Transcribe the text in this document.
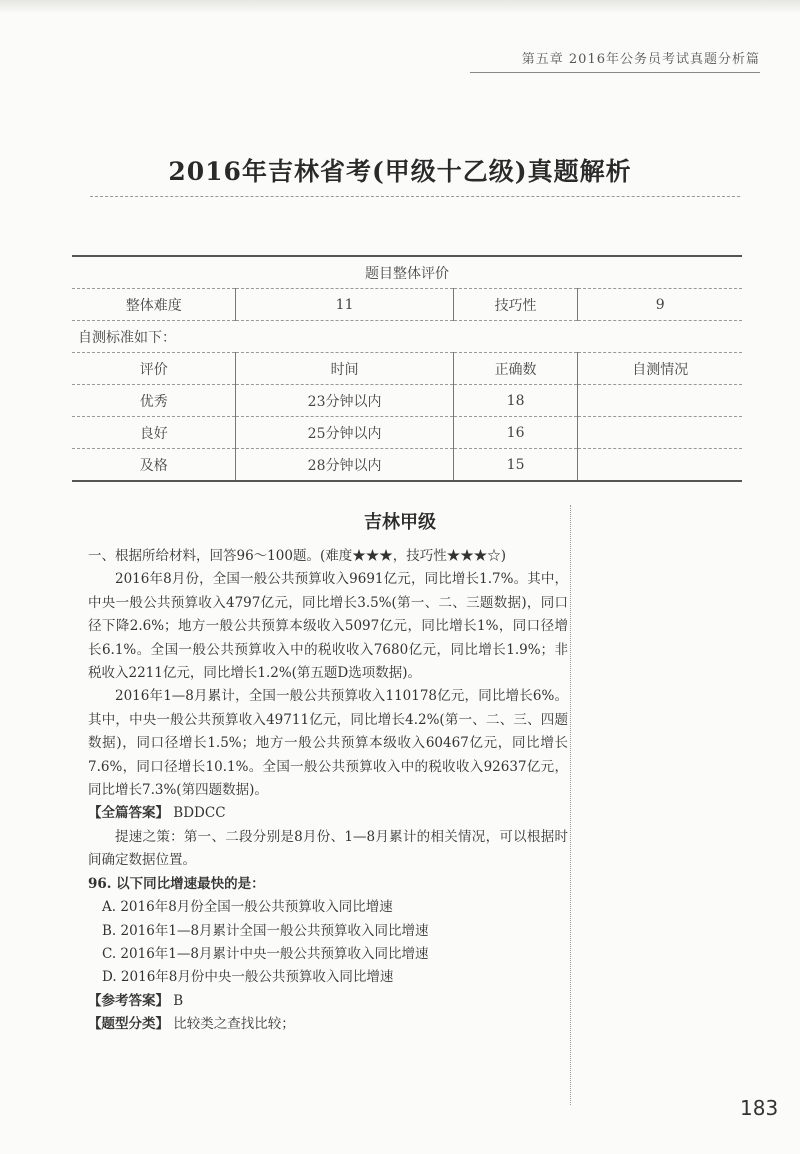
第五章 2016年公务员考试真题分析篇
2016年吉林省考(甲级十乙级)真题解析
题目整体评价			
整体难度	11	技巧性	9
自测标准如下：			
评价	时间	正确数	自测情况
优秀	23分钟以内	18	
良好	25分钟以内	16	
及格	28分钟以内	15	
吉林甲级

一、根据所给材料，回答96～100题。(难度★★★，技巧性★★★☆)

2016年8月份，全国一般公共预算收入9691亿元，同比增长1.7%。其中，中央一般公共预算收入4797亿元，同比增长3.5%(第一、二、三题数据)，同口径下降2.6%；地方一般公共预算本级收入5097亿元，同比增长1%，同口径增长6.1%。全国一般公共预算收入中的税收收入7680亿元，同比增长1.9%；非税收入2211亿元，同比增长1.2%(第五题D选项数据)。

2016年1—8月累计，全国一般公共预算收入110178亿元，同比增长6%。其中，中央一般公共预算收入49711亿元，同比增长4.2%(第一、二、三、四题数据)，同口径增长1.5%；地方一般公共预算本级收入60467亿元，同比增长7.6%，同口径增长10.1%。全国一般公共预算收入中的税收收入92637亿元，同比增长7.3%(第四题数据)。

【全篇答案】 BDDCC

提速之策：第一、二段分别是8月份、1—8月累计的相关情况，可以根据时间确定数据位置。

96. 以下同比增速最快的是：

A. 2016年8月份全国一般公共预算收入同比增速

B. 2016年1—8月累计全国一般公共预算收入同比增速

C. 2016年1—8月累计中央一般公共预算收入同比增速

D. 2016年8月份中央一般公共预算收入同比增速

【参考答案】 B

【题型分类】 比较类之查找比较；

183
